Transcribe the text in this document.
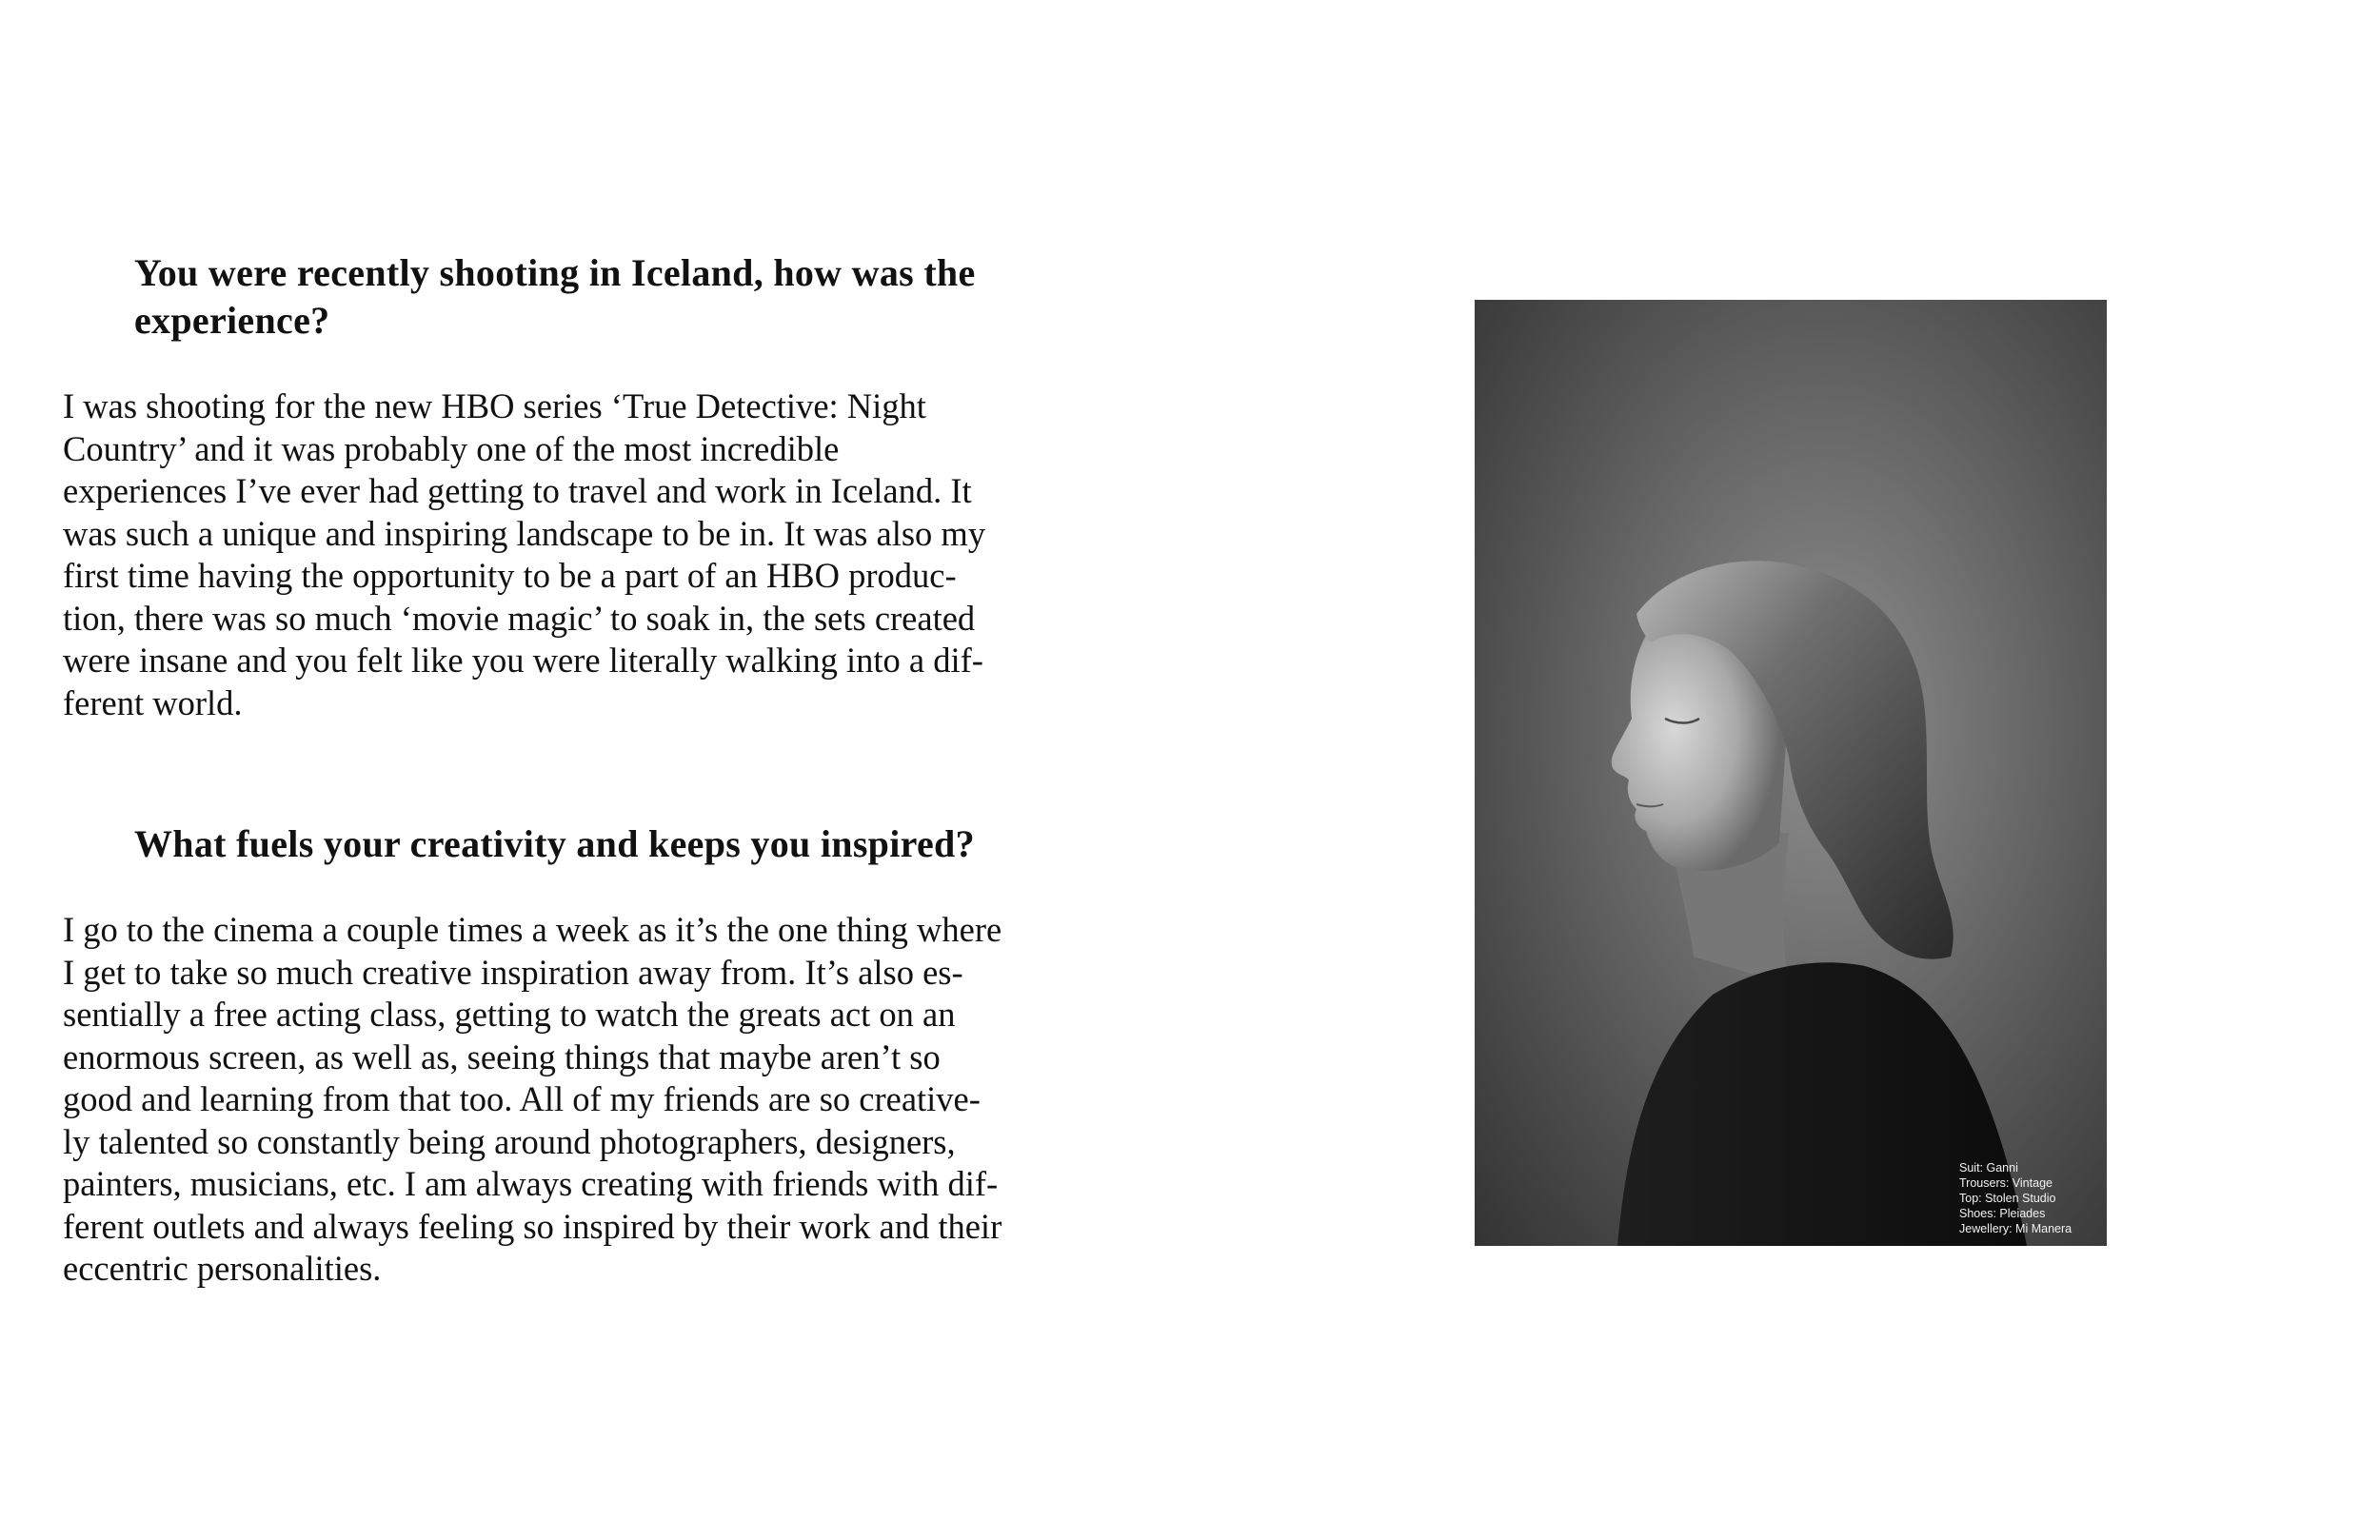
You were recently shooting in Iceland, how was the experience?

I was shooting for the new HBO series ‘True Detective: Night
Country’ and it was probably one of the most incredible
experiences I’ve ever had getting to travel and work in Iceland. It
was such a unique and inspiring landscape to be in. It was also my
first time having the opportunity to be a part of an HBO produc-
tion, there was so much ‘movie magic’ to soak in, the sets created
were insane and you felt like you were literally walking into a dif-
ferent world.

What fuels your creativity and keeps you inspired?

I go to the cinema a couple times a week as it’s the one thing where
I get to take so much creative inspiration away from. It’s also es-
sentially a free acting class, getting to watch the greats act on an
enormous screen, as well as, seeing things that maybe aren’t so
good and learning from that too. All of my friends are so creative-
ly talented so constantly being around photographers, designers,
painters, musicians, etc. I am always creating with friends with dif-
ferent outlets and always feeling so inspired by their work and their
eccentric personalities.

Suit: Ganni
Trousers: Vintage
Top: Stolen Studio
Shoes: Pleiades
Jewellery: Mi Manera
